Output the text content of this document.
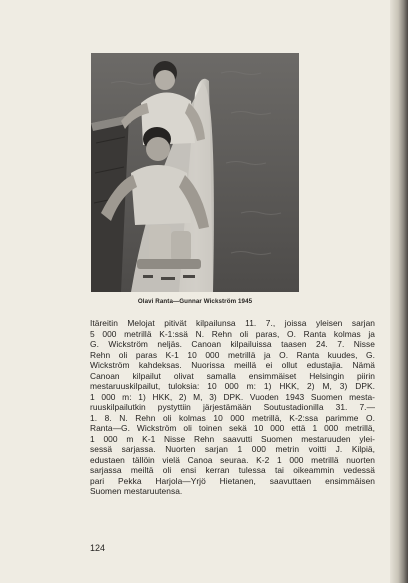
Olavi Ranta—Gunnar Wickström 1945
Itäreitin Melojat pitivät kilpailunsa 11. 7., joissa yleisen sarjan
5 000 metrillä K-1:ssä N. Rehn oli paras, O. Ranta kolmas ja
G. Wickström neljäs. Canoan kilpailuissa taasen 24. 7. Nisse
Rehn oli paras K-1 10 000 metrillä ja O. Ranta kuudes, G.
Wickström kahdeksas. Nuorissa meillä ei ollut edustajia. Nämä
Canoan kilpailut olivat samalla ensimmäiset Helsingin piirin
mestaruuskilpailut, tuloksia: 10 000 m: 1) HKK, 2) M, 3) DPK.
1 000 m: 1) HKK, 2) M, 3) DPK. Vuoden 1943 Suomen mesta-
ruuskilpailutkin pystyttiin järjestämään Soutustadionilla 31. 7.—
1. 8. N. Rehn oli kolmas 10 000 metrillä, K-2:ssa parimme O.
Ranta—G. Wickström oli toinen sekä 10 000 että 1 000 metrillä,
1 000 m K-1 Nisse Rehn saavutti Suomen mestaruuden ylei-
sessä sarjassa. Nuorten sarjan 1 000 metrin voitti J. Kilpiä,
edustaen tällöin vielä Canoa seuraa. K-2 1 000 metrillä nuorten
sarjassa meiltä oli ensi kerran tulessa tai oikeammin vedessä
pari Pekka Harjola—Yrjö Hietanen, saavuttaen ensimmäisen
Suomen mestaruutensa.
124
